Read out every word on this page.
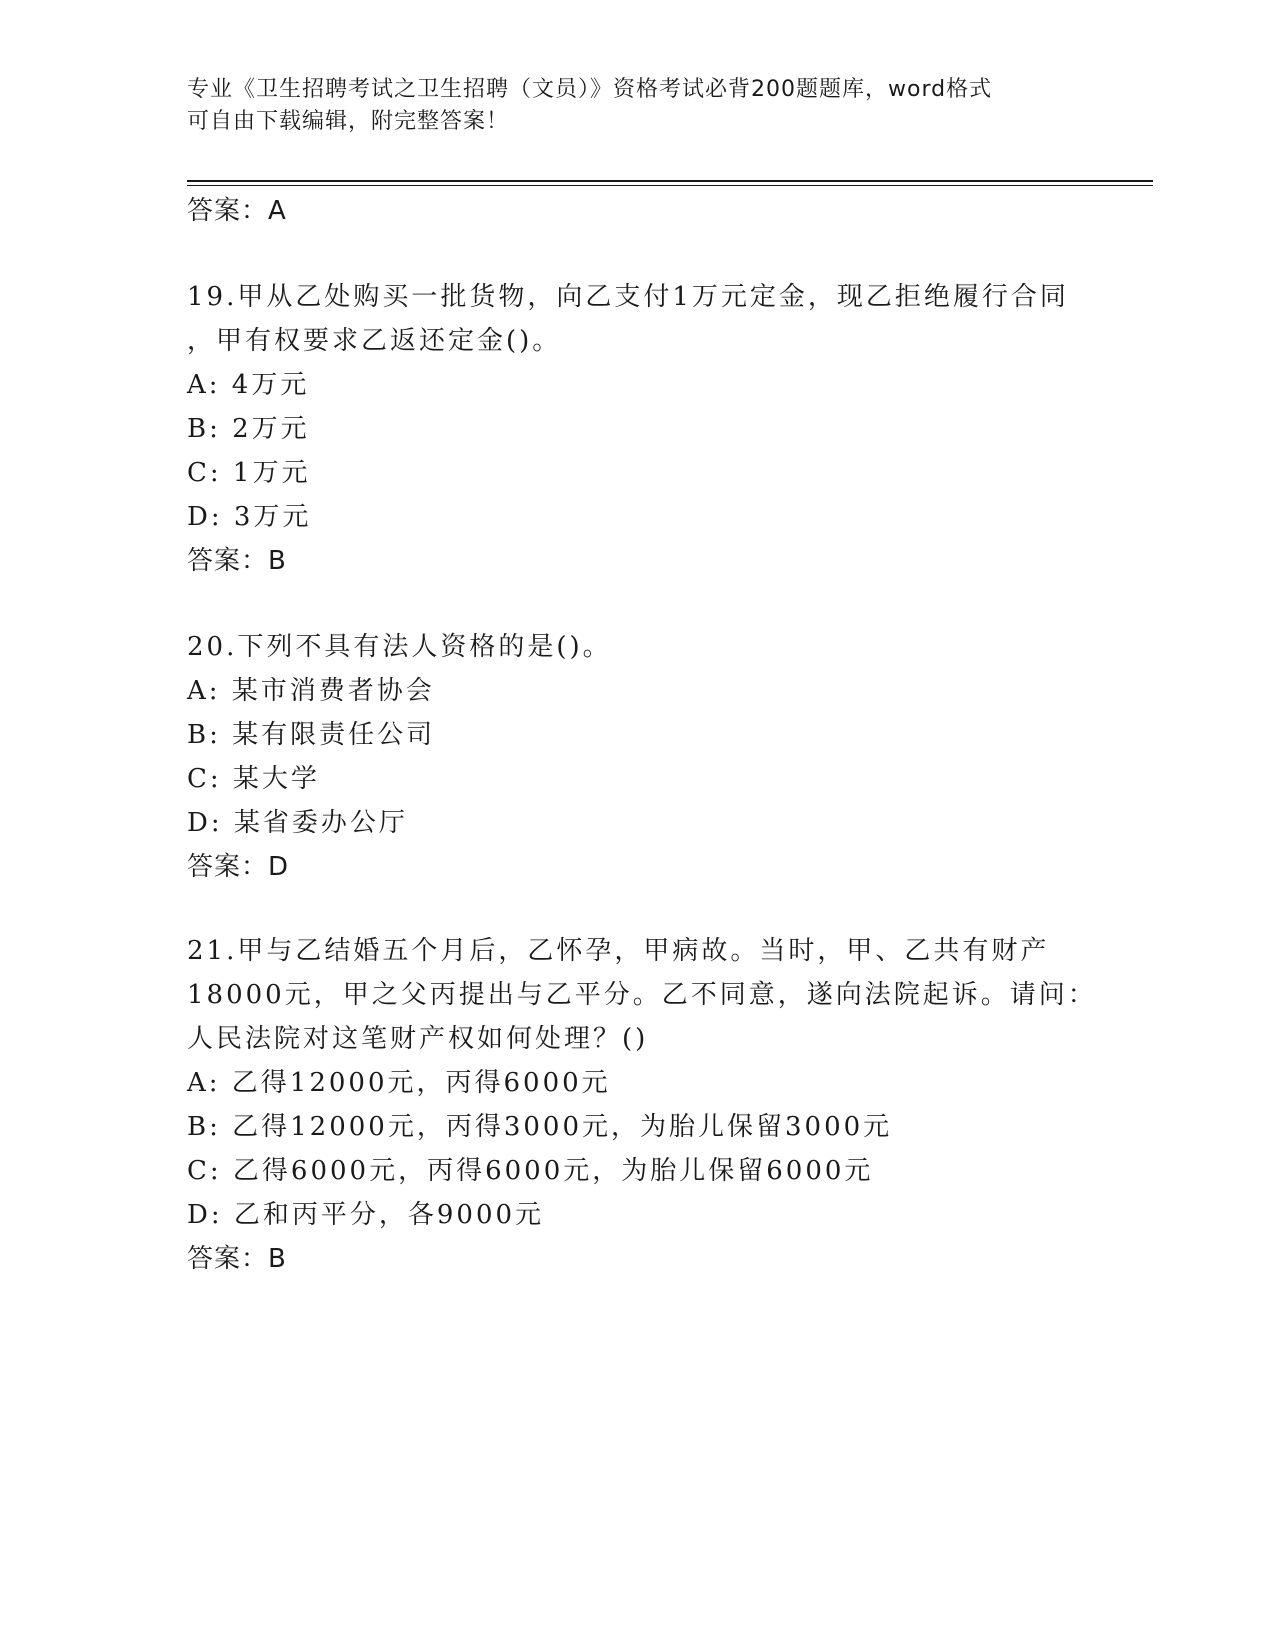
专业《卫生招聘考试之卫生招聘（文员）》资格考试必背200题题库，word格式
可自由下载编辑，附完整答案！
答案：A
19.甲从乙处购买一批货物，向乙支付1万元定金，现乙拒绝履行合同
，甲有权要求乙返还定金()。
A: 4万元
B: 2万元
C: 1万元
D: 3万元
答案：B
20.下列不具有法人资格的是()。
A: 某市消费者协会
B: 某有限责任公司
C: 某大学
D: 某省委办公厅
答案：D
21.甲与乙结婚五个月后，乙怀孕，甲病故。当时，甲、乙共有财产
18000元，甲之父丙提出与乙平分。乙不同意，遂向法院起诉。请问：
人民法院对这笔财产权如何处理？()
A: 乙得12000元，丙得6000元
B: 乙得12000元，丙得3000元，为胎儿保留3000元
C: 乙得6000元，丙得6000元，为胎儿保留6000元
D: 乙和丙平分，各9000元
答案：B
